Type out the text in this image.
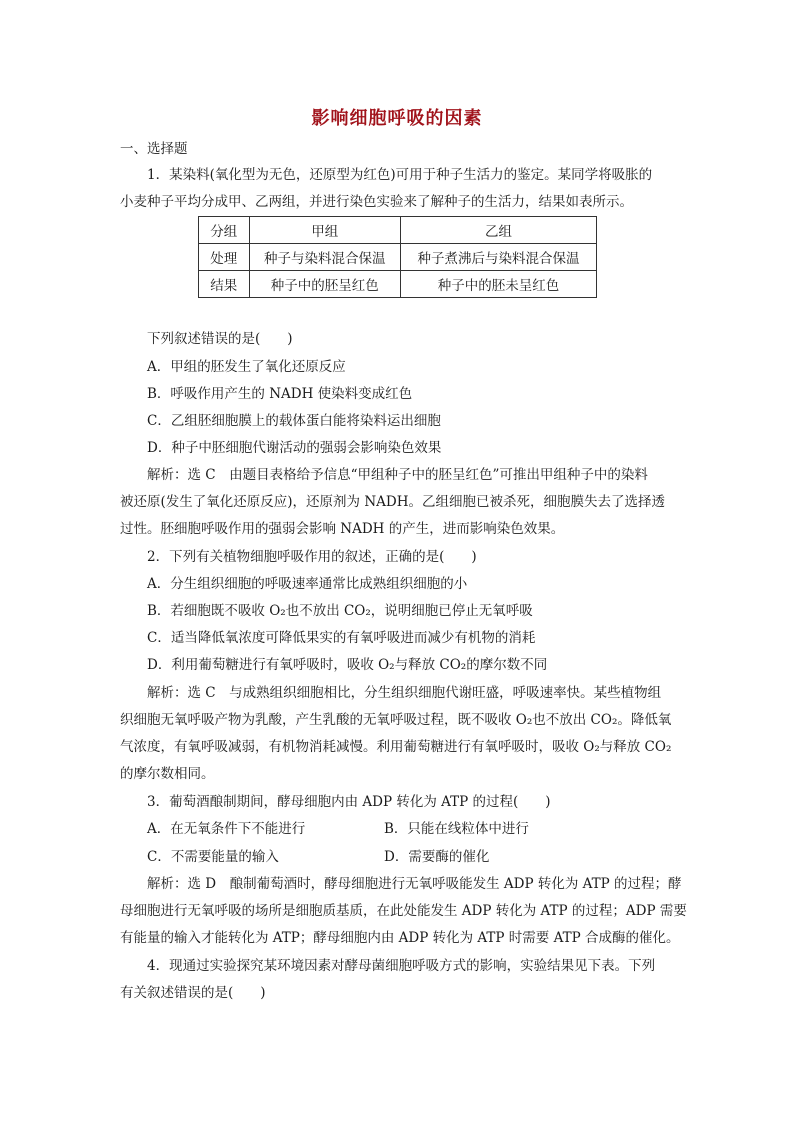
影响细胞呼吸的因素
一、选择题
1．某染料(氧化型为无色，还原型为红色)可用于种子生活力的鉴定。某同学将吸胀的
小麦种子平均分成甲、乙两组，并进行染色实验来了解种子的生活力，结果如表所示。
分组	甲组	乙组
处理	种子与染料混合保温	种子煮沸后与染料混合保温
结果	种子中的胚呈红色	种子中的胚未呈红色
下列叙述错误的是(　　)
A．甲组的胚发生了氧化还原反应
B．呼吸作用产生的 NADH 使染料变成红色
C．乙组胚细胞膜上的载体蛋白能将染料运出细胞
D．种子中胚细胞代谢活动的强弱会影响染色效果
解析：选 C　由题目表格给予信息“甲组种子中的胚呈红色”可推出甲组种子中的染料
被还原(发生了氧化还原反应)，还原剂为 NADH。乙组细胞已被杀死，细胞膜失去了选择透
过性。胚细胞呼吸作用的强弱会影响 NADH 的产生，进而影响染色效果。
2．下列有关植物细胞呼吸作用的叙述，正确的是(　　)
A．分生组织细胞的呼吸速率通常比成熟组织细胞的小
B．若细胞既不吸收 O₂也不放出 CO₂，说明细胞已停止无氧呼吸
C．适当降低氧浓度可降低果实的有氧呼吸进而减少有机物的消耗
D．利用葡萄糖进行有氧呼吸时，吸收 O₂与释放 CO₂的摩尔数不同
解析：选 C　与成熟组织细胞相比，分生组织细胞代谢旺盛，呼吸速率快。某些植物组
织细胞无氧呼吸产物为乳酸，产生乳酸的无氧呼吸过程，既不吸收 O₂也不放出 CO₂。降低氧
气浓度，有氧呼吸减弱，有机物消耗减慢。利用葡萄糖进行有氧呼吸时，吸收 O₂与释放 CO₂
的摩尔数相同。
3．葡萄酒酿制期间，酵母细胞内由 ADP 转化为 ATP 的过程(　　)
A．在无氧条件下不能进行	B．只能在线粒体中进行
C．不需要能量的输入	D．需要酶的催化
解析：选 D　酿制葡萄酒时，酵母细胞进行无氧呼吸能发生 ADP 转化为 ATP 的过程；酵
母细胞进行无氧呼吸的场所是细胞质基质，在此处能发生 ADP 转化为 ATP 的过程；ADP 需要
有能量的输入才能转化为 ATP；酵母细胞内由 ADP 转化为 ATP 时需要 ATP 合成酶的催化。
4．现通过实验探究某环境因素对酵母菌细胞呼吸方式的影响，实验结果见下表。下列
有关叙述错误的是(　　)
